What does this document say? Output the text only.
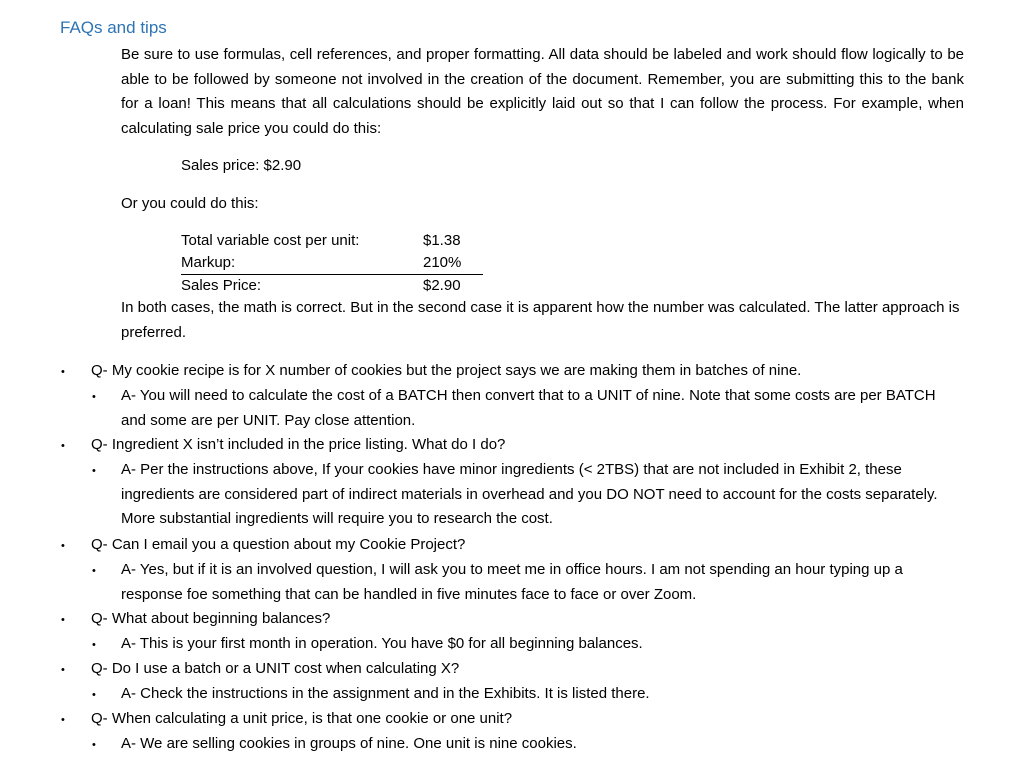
FAQs and tips

Be sure to use formulas, cell references, and proper formatting. All data should be labeled and work should flow logically to be able to be followed by someone not involved in the creation of the document. Remember, you are submitting this to the bank for a loan! This means that all calculations should be explicitly laid out so that I can follow the process. For example, when calculating sale price you could do this:

Sales price: $2.90

Or you could do this:

Total variable cost per unit:	$1.38
Markup:	210%
Sales Price:	$2.90

In both cases, the math is correct. But in the second case it is apparent how the number was calculated. The latter approach is preferred.

• Q- My cookie recipe is for X number of cookies but the project says we are making them in batches of nine.

• A- You will need to calculate the cost of a BATCH then convert that to a UNIT of nine. Note that some costs are per BATCH and some are per UNIT. Pay close attention.

• Q- Ingredient X isn’t included in the price listing. What do I do?

• A- Per the instructions above, If your cookies have minor ingredients (< 2TBS) that are not included in Exhibit 2, these ingredients are considered part of indirect materials in overhead and you DO NOT need to account for the costs separately. More substantial ingredients will require you to research the cost.

• Q- Can I email you a question about my Cookie Project?

• A- Yes, but if it is an involved question, I will ask you to meet me in office hours. I am not spending an hour typing up a response foe something that can be handled in five minutes face to face or over Zoom.

• Q- What about beginning balances?

• A- This is your first month in operation. You have $0 for all beginning balances.

• Q- Do I use a batch or a UNIT cost when calculating X?

• A- Check the instructions in the assignment and in the Exhibits. It is listed there.

• Q- When calculating a unit price, is that one cookie or one unit?

• A- We are selling cookies in groups of nine. One unit is nine cookies.
